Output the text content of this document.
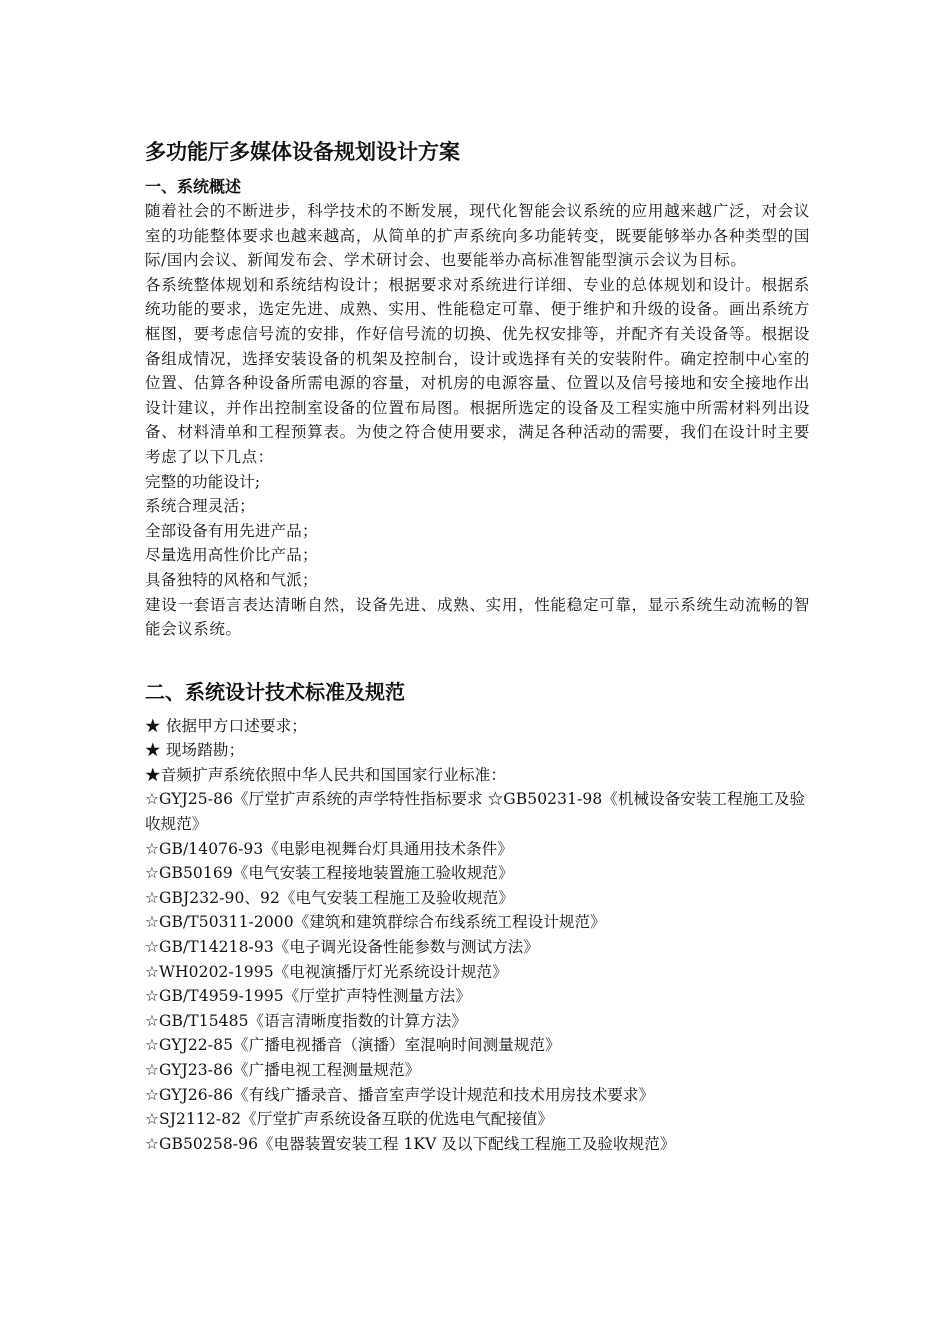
多功能厅多媒体设备规划设计方案
一、系统概述

随着社会的不断进步，科学技术的不断发展，现代化智能会议系统的应用越来越广泛，对会议室的功能整体要求也越来越高，从简单的扩声系统向多功能转变，既要能够举办各种类型的国际/国内会议、新闻发布会、学术研讨会、也要能举办高标准智能型演示会议为目标。

各系统整体规划和系统结构设计；根据要求对系统进行详细、专业的总体规划和设计。根据系统功能的要求，选定先进、成熟、实用、性能稳定可靠、便于维护和升级的设备。画出系统方框图，要考虑信号流的安排，作好信号流的切换、优先权安排等，并配齐有关设备等。根据设备组成情况，选择安装设备的机架及控制台，设计或选择有关的安装附件。确定控制中心室的位置、估算各种设备所需电源的容量，对机房的电源容量、位置以及信号接地和安全接地作出设计建议，并作出控制室设备的位置布局图。根据所选定的设备及工程实施中所需材料列出设备、材料清单和工程预算表。为使之符合使用要求，满足各种活动的需要，我们在设计时主要考虑了以下几点：

完整的功能设计;

系统合理灵活；

全部设备有用先进产品；

尽量选用高性价比产品；

具备独特的风格和气派；

建设一套语言表达清晰自然，设备先进、成熟、实用，性能稳定可靠，显示系统生动流畅的智能会议系统。

二、系统设计技术标准及规范

★ 依据甲方口述要求；

★ 现场踏勘；

★音频扩声系统依照中华人民共和国国家行业标准：

☆GYJ25-86《厅堂扩声系统的声学特性指标要求 ☆GB50231-98《机械设备安装工程施工及验收规范》

☆GB/14076-93《电影电视舞台灯具通用技术条件》

☆GB50169《电气安装工程接地装置施工验收规范》

☆GBJ232-90、92《电气安装工程施工及验收规范》

☆GB/T50311-2000《建筑和建筑群综合布线系统工程设计规范》

☆GB/T14218-93《电子调光设备性能参数与测试方法》

☆WH0202-1995《电视演播厅灯光系统设计规范》

☆GB/T4959-1995《厅堂扩声特性测量方法》

☆GB/T15485《语言清晰度指数的计算方法》

☆GYJ22-85《广播电视播音（演播）室混响时间测量规范》

☆GYJ23-86《广播电视工程测量规范》

☆GYJ26-86《有线广播录音、播音室声学设计规范和技术用房技术要求》

☆SJ2112-82《厅堂扩声系统设备互联的优选电气配接值》

☆GB50258-96《电器装置安装工程 1KV 及以下配线工程施工及验收规范》
